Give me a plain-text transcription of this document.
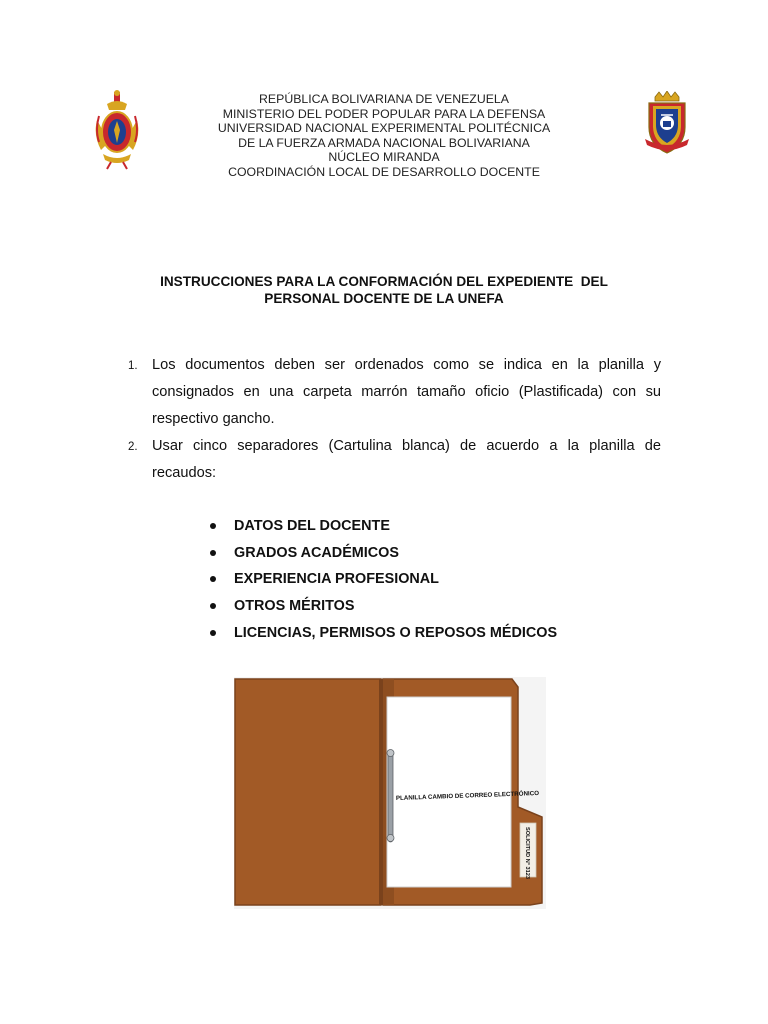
REPÚBLICA BOLIVARIANA DE VENEZUELA
MINISTERIO DEL PODER POPULAR PARA LA DEFENSA
UNIVERSIDAD NACIONAL EXPERIMENTAL POLITÉCNICA
DE LA FUERZA ARMADA NACIONAL BOLIVARIANA
NÚCLEO MIRANDA
COORDINACIÓN LOCAL DE DESARROLLO DOCENTE
INSTRUCCIONES PARA LA CONFORMACIÓN DEL EXPEDIENTE  DEL
PERSONAL DOCENTE DE LA UNEFA
1. Los documentos deben ser ordenados como se indica en la planilla y consignados en una carpeta marrón tamaño oficio (Plastificada) con su respectivo gancho.
2. Usar cinco separadores (Cartulina blanca) de acuerdo a la planilla de recaudos:
DATOS DEL DOCENTE
GRADOS ACADÉMICOS
EXPERIENCIA PROFESIONAL
OTROS MÉRITOS
LICENCIAS, PERMISOS O REPOSOS MÉDICOS
PLANILLA CAMBIO DE CORREO ELECTRÓNICO
SOLICITUD N° 3123
